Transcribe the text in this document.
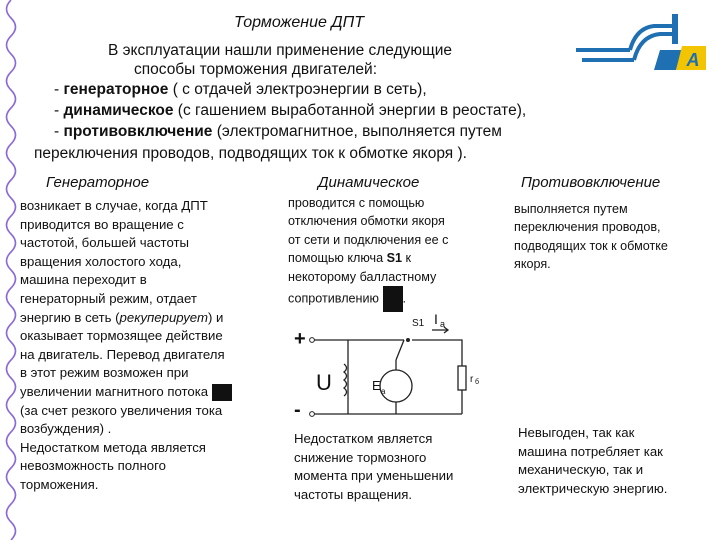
А
Торможение ДПТ
В эксплуатации нашли применение следующие
способы торможения двигателей:
- генераторное ( с отдачей электроэнергии в сеть),
- динамическое (с гашением выработанной энергии в реостате),
- противовключение (электромагнитное, выполняется путем
переключения проводов, подводящих ток к обмотке якоря ).
Генераторное	Динамическое	Противовключение
возникает в случае, когда ДПТ
приводится во вращение с
частотой, большей частоты
вращения холостого хода,
машина переходит в
генераторный режим, отдает
энергию в сеть (рекуперирует) и
оказывает тормозящее действие
на двигатель. Перевод двигателя
в этот режим возможен при
увеличении магнитного потока
(за счет резкого увеличения тока
возбуждения) .
Недостатком метода является
невозможность полного
торможения.
проводится с помощью
отключения обмотки якоря
от сети и подключения ее с
помощью ключа S1 к
некоторому балластному
сопротивлению .
+
-
U
S1 I a
E a
r б
Недостатком является
снижение тормозного
момента при уменьшении
частоты вращения.
выполняется путем
переключения проводов,
подводящих ток к обмотке
якоря.
Невыгоден, так как
машина потребляет как
механическую, так и
электрическую энергию.
